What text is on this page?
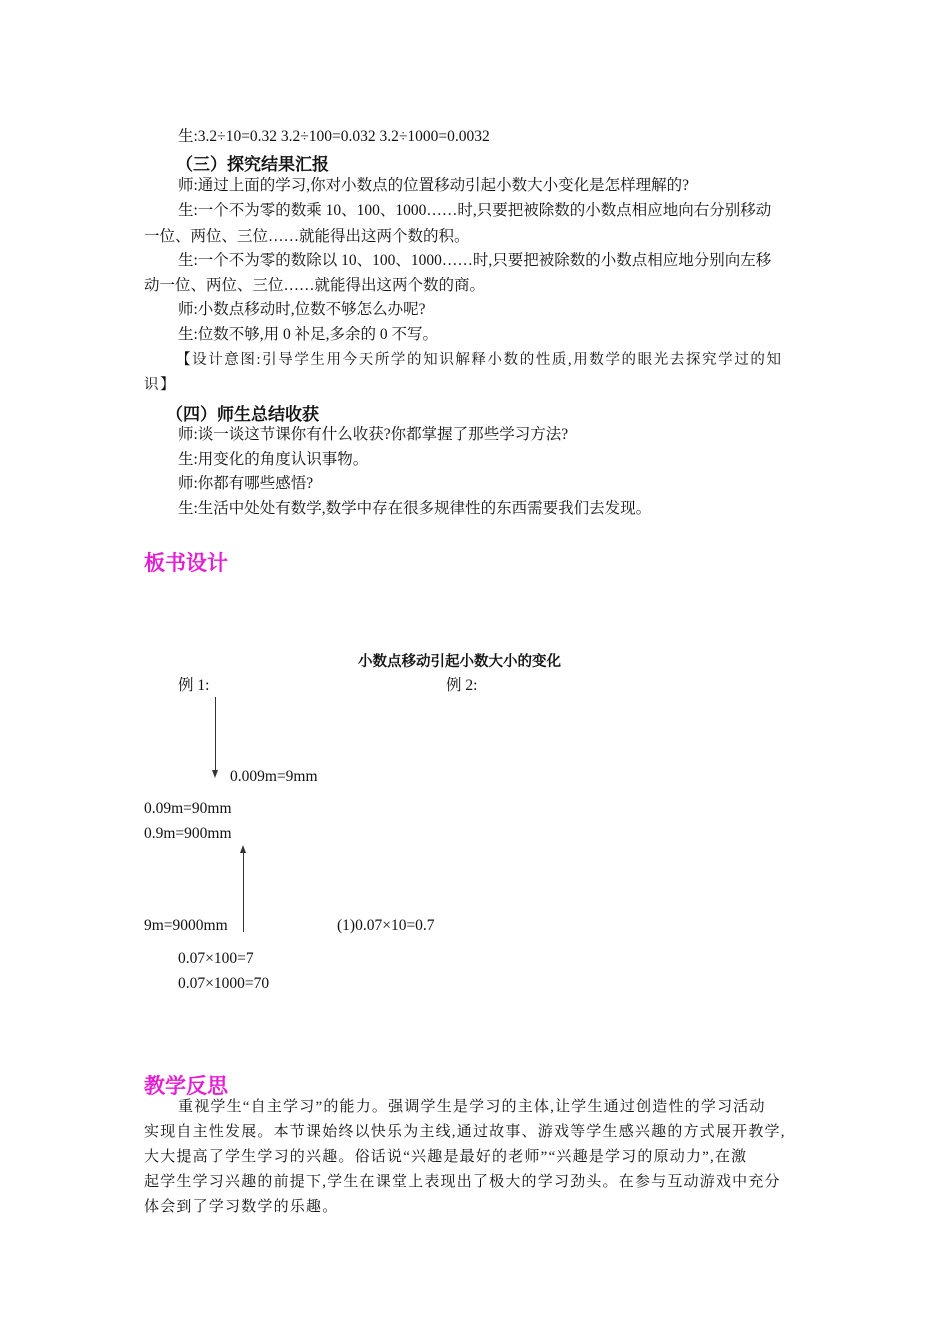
生:3.2÷10=0.32 3.2÷100=0.032 3.2÷1000=0.0032
（三）探究结果汇报
师:通过上面的学习,你对小数点的位置移动引起小数大小变化是怎样理解的?
生:一个不为零的数乘 10、100、1000……时,只要把被除数的小数点相应地向右分别移动
一位、两位、三位……就能得出这两个数的积。
生:一个不为零的数除以 10、100、1000……时,只要把被除数的小数点相应地分别向左移
动一位、两位、三位……就能得出这两个数的商。
师:小数点移动时,位数不够怎么办呢?
生:位数不够,用 0 补足,多余的 0 不写。
【设计意图:引导学生用今天所学的知识解释小数的性质,用数学的眼光去探究学过的知
识】
（四）师生总结收获
师:谈一谈这节课你有什么收获?你都掌握了那些学习方法?
生:用变化的角度认识事物。
师:你都有哪些感悟?
生:生活中处处有数学,数学中存在很多规律性的东西需要我们去发现。
板书设计
小数点移动引起小数大小的变化
例 1:	例 2:
0.009m=9mm
0.09m=90mm
0.9m=900mm
9m=9000mm	(1)0.07×10=0.7
0.07×100=7
0.07×1000=70
教学反思
重视学生“自主学习”的能力。强调学生是学习的主体,让学生通过创造性的学习活动
实现自主性发展。本节课始终以快乐为主线,通过故事、游戏等学生感兴趣的方式展开教学,
大大提高了学生学习的兴趣。俗话说“兴趣是最好的老师”“兴趣是学习的原动力”,在激
起学生学习兴趣的前提下,学生在课堂上表现出了极大的学习劲头。在参与互动游戏中充分
体会到了学习数学的乐趣。
